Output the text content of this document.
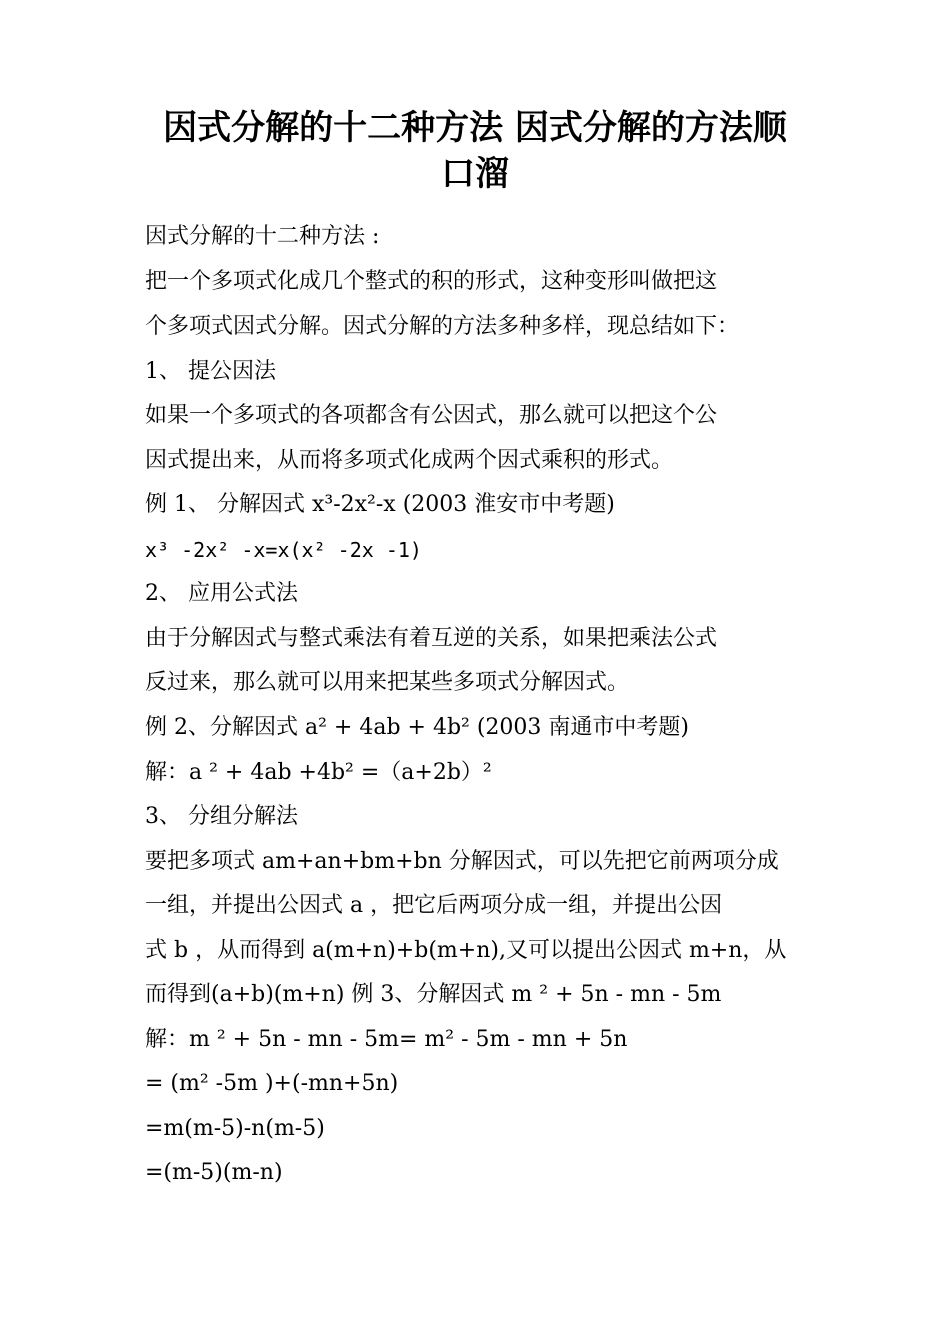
因式分解的十二种方法 因式分解的方法顺
口溜
因式分解的十二种方法 :
把一个多项式化成几个整式的积的形式，这种变形叫做把这
个多项式因式分解。因式分解的方法多种多样，现总结如下：
1、 提公因法
如果一个多项式的各项都含有公因式，那么就可以把这个公
因式提出来，从而将多项式化成两个因式乘积的形式。
例 1、 分解因式 x³-2x²-x (2003 淮安市中考题)
x³ -2x² -x=x(x² -2x -1)
2、 应用公式法
由于分解因式与整式乘法有着互逆的关系，如果把乘法公式
反过来，那么就可以用来把某些多项式分解因式。
例 2、分解因式 a² + 4ab + 4b² (2003 南通市中考题)
解：a ² + 4ab +4b² =（a+2b）²
3、 分组分解法
要把多项式 am+an+bm+bn 分解因式，可以先把它前两项分成
一组，并提出公因式 a ，把它后两项分成一组，并提出公因
式 b ，从而得到 a(m+n)+b(m+n),又可以提出公因式 m+n，从
而得到(a+b)(m+n) 例 3、分解因式 m ² + 5n - mn - 5m
解：m ² + 5n - mn - 5m= m² - 5m - mn + 5n
= (m² -5m )+(-mn+5n)
=m(m-5)-n(m-5)
=(m-5)(m-n)
